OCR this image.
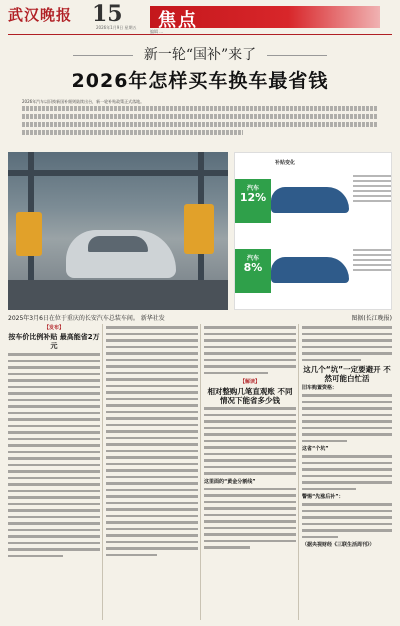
武汉晚报 15
2026年1月9日 星期五 焦点
编辑 ...
新一轮“国补”来了
2026年怎样买车换车最省钱
2026年汽车以旧换新国补细则陆续出台，新一轮补贴政策正式落地。
2025年3月6日在位于重庆的长安汽车总装车间。 新华社发
补贴变化
汽车
12%
汽车
8%
图据(长江晚报)
【发布】
按车价比例补贴 最高能省2万元
【解读】
相对整购几笔直观账 不同情况下能省多少钱
这里面的“黄金分割线”
这几个“坑”一定要避开 不然可能白忙活
旧车购置资格：
这省“个坑”
警惕“先涨后补”：
（据央视财经《三联生活周刊》）
